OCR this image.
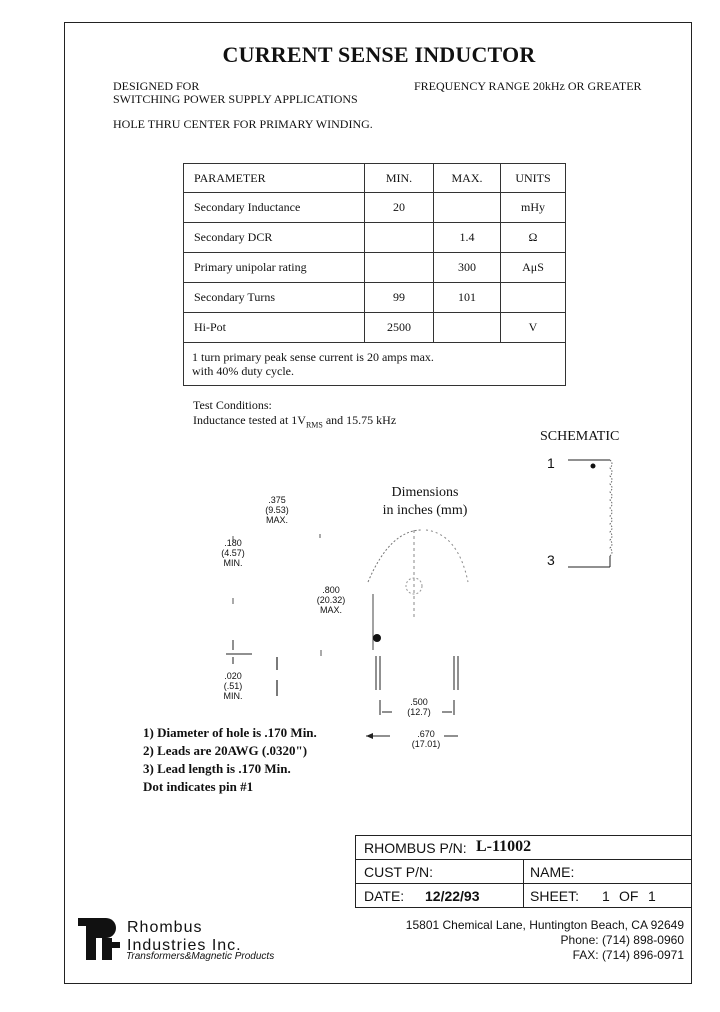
CURRENT SENSE INDUCTOR
DESIGNED FOR
SWITCHING POWER SUPPLY APPLICATIONS
FREQUENCY RANGE 20kHz OR GREATER
HOLE THRU CENTER FOR PRIMARY WINDING.
PARAMETER	MIN.	MAX.	UNITS
Secondary Inductance	20		mHy
Secondary DCR		1.4	Ω
Primary unipolar rating		300	AμS
Secondary Turns	99	101	
Hi-Pot	2500		V

1 turn primary peak sense current is 20 amps max.
with 40% duty cycle.			
Test Conditions:
Inductance tested at $1V_{RMS}$ and 15.75 kHz
SCHEMATIC
1
3
Dimensions
in inches (mm)
.375
(9.53)
MAX.
.180
(4.57)
MIN.
.800
(20.32)
MAX.
.020
(.51)
MIN.
.500
(12.7)
.670
(17.01)
1) Diameter of hole is .170 Min.
2) Leads are 20AWG (.0320")
3) Lead length is .170 Min.
Dot indicates pin #1
RHOMBUS P/N: L-11002
CUST P/N:	NAME:
DATE: 12/22/93	SHEET: 1 OF 1
Rhombus
Industries Inc.
Transformers&Magnetic Products
15801 Chemical Lane, Huntington Beach, CA 92649
Phone: (714) 898-0960
FAX: (714) 896-0971
